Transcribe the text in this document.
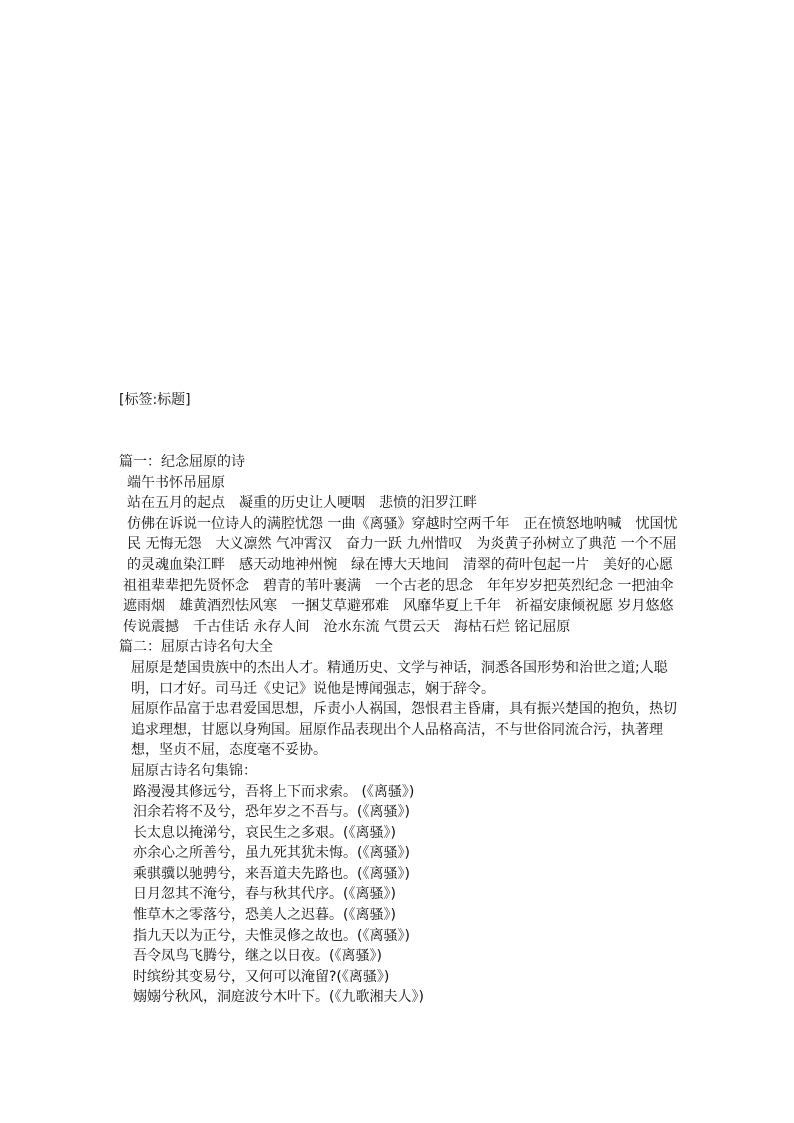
[标签:标题]

篇一：纪念屈原的诗

端午书怀吊屈原

站在五月的起点　凝重的历史让人哽咽　悲愤的汨罗江畔

仿佛在诉说一位诗人的满腔忧怨 一曲《离骚》穿越时空两千年　正在愤怒地呐喊　忧国忧民 无悔无怨　大义凛然 气冲霄汉　奋力一跃 九州惜叹　为炎黄子孙树立了典范 一个不屈的灵魂血染江畔　感天动地神州惋　绿在博大天地间　清翠的荷叶包起一片　美好的心愿

祖祖辈辈把先贤怀念　碧青的苇叶裹满　一个古老的思念　年年岁岁把英烈纪念 一把油伞遮雨烟　雄黄酒烈怯风寒　一捆艾草避邪难　风靡华夏上千年　祈福安康倾祝愿 岁月悠悠传说震撼　千古佳话 永存人间　沧水东流 气贯云天　海枯石烂 铭记屈原

篇二：屈原古诗名句大全

屈原是楚国贵族中的杰出人才。精通历史、文学与神话，洞悉各国形势和治世之道;人聪明，口才好。司马迁《史记》说他是博闻强志，娴于辞令。

屈原作品富于忠君爱国思想，斥责小人祸国，怨恨君主昏庸，具有振兴楚国的抱负，热切追求理想，甘愿以身殉国。屈原作品表现出个人品格高洁，不与世俗同流合污，执著理想，坚贞不屈，态度毫不妥协。

屈原古诗名句集锦：

路漫漫其修远兮，吾将上下而求索。 (《离骚》)

汨余若将不及兮，恐年岁之不吾与。(《离骚》)

长太息以掩涕兮，哀民生之多艰。(《离骚》)

亦余心之所善兮，虽九死其犹未悔。(《离骚》)

乘骐骥以驰骋兮，来吾道夫先路也。(《离骚》)

日月忽其不淹兮，春与秋其代序。(《离骚》)

惟草木之零落兮，恐美人之迟暮。(《离骚》)

指九天以为正兮，夫惟灵修之故也。(《离骚》)

吾令凤鸟飞腾兮，继之以日夜。(《离骚》)

时缤纷其变易兮，又何可以淹留?(《离骚》)

嫋嫋兮秋风，洞庭波兮木叶下。(《九歌湘夫人》)
